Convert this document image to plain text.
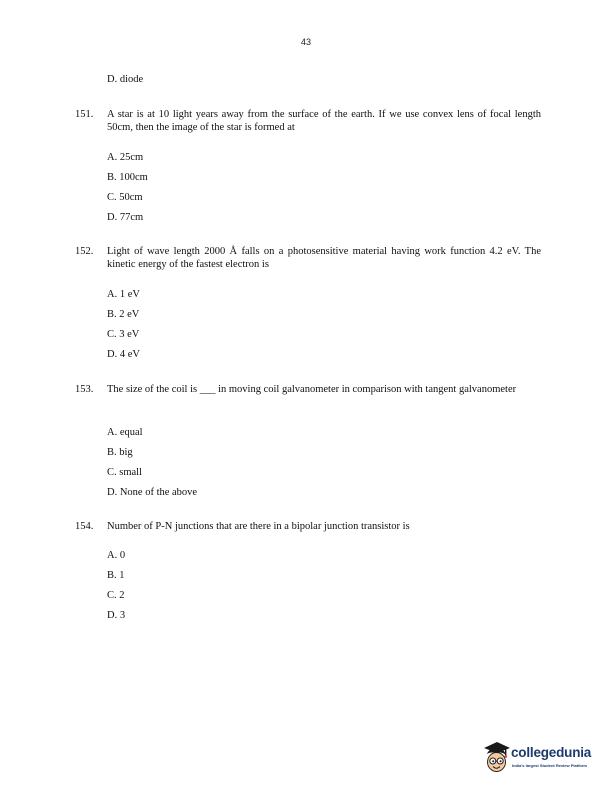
43
D. diode
151. A star is at 10 light years away from the surface of the earth. If we use convex lens of focal length 50cm, then the image of the star is formed at
A. 25cm
B. 100cm
C. 50cm
D. 77cm
152. Light of wave length 2000 Å falls on a photosensitive material having work function 4.2 eV. The kinetic energy of the fastest electron is
A. 1 eV
B. 2 eV
C. 3 eV
D. 4 eV
153. The size of the coil is ___ in moving coil galvanometer in comparison with tangent galvanometer
A. equal
B. big
C. small
D. None of the above
154. Number of P-N junctions that are there in a bipolar junction transistor is
A. 0
B. 1
C. 2
D. 3
collegedunia
India's largest Student Review Platform
